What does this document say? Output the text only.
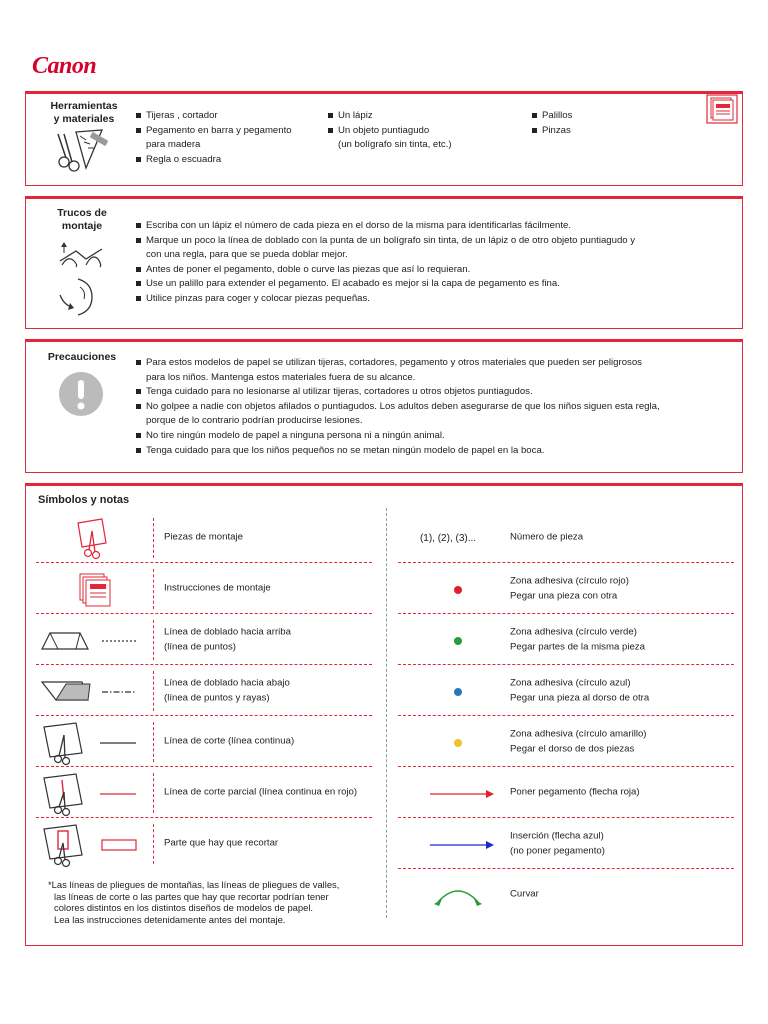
Canon
Herramientas
y materiales	Tijeras , cortador
Pegamento en barra y pegamento
para madera
Regla o escuadra
Un lápiz
Un objeto puntiagudo
(un bolígrafo sin tinta, etc.)
Palillos
Pinzas
Trucos de
montaje	Escriba con un lápiz el número de cada pieza en el dorso de la misma para identificarlas fácilmente.
Marque un poco la línea de doblado con la punta de un bolígrafo sin tinta, de un lápiz o de otro objeto puntiagudo y
con una regla, para que se pueda doblar mejor.
Antes de poner el pegamento, doble o curve las piezas que así lo requieran.
Use un palillo para extender el pegamento. El acabado es mejor si la capa de pegamento es fina.
Utilice pinzas para coger y colocar piezas pequeñas.
Precauciones	Para estos modelos de papel se utilizan tijeras, cortadores, pegamento y otros materiales que pueden ser peligrosos
para los niños. Mantenga estos materiales fuera de su alcance.
Tenga cuidado para no lesionarse al utilizar tijeras, cortadores u otros objetos puntiagudos.
No golpee a nadie con objetos afilados o puntiagudos. Los adultos deben asegurarse de que los niños siguen esta regla,
porque de lo contrario podrían producirse lesiones.
No tire ningún modelo de papel a ninguna persona ni a ningún animal.
Tenga cuidado para que los niños pequeños no se metan ningún modelo de papel en la boca.
Símbolos y notas
Piezas de montaje
Instrucciones de montaje
Línea de doblado hacia arriba
(línea de puntos)
Línea de doblado hacia abajo
(línea de puntos y rayas)
Línea de corte (línea continua)
Línea de corte parcial (línea continua en rojo)
Parte que hay que recortar
(1), (2), (3)...	Número de pieza
Zona adhesiva (círculo rojo)
Pegar una pieza con otra
Zona adhesiva (círculo verde)
Pegar partes de la misma pieza
Zona adhesiva (círculo azul)
Pegar una pieza al dorso de otra
Zona adhesiva (círculo amarillo)
Pegar el dorso de dos piezas
Poner pegamento (flecha roja)
Inserción (flecha azul)
(no poner pegamento)
Curvar
*Las líneas de pliegues de montañas, las líneas de pliegues de valles,
las líneas de corte o las partes que hay que recortar podrían tener
colores distintos en los distintos diseños de modelos de papel.
Lea las instrucciones detenidamente antes del montaje.
